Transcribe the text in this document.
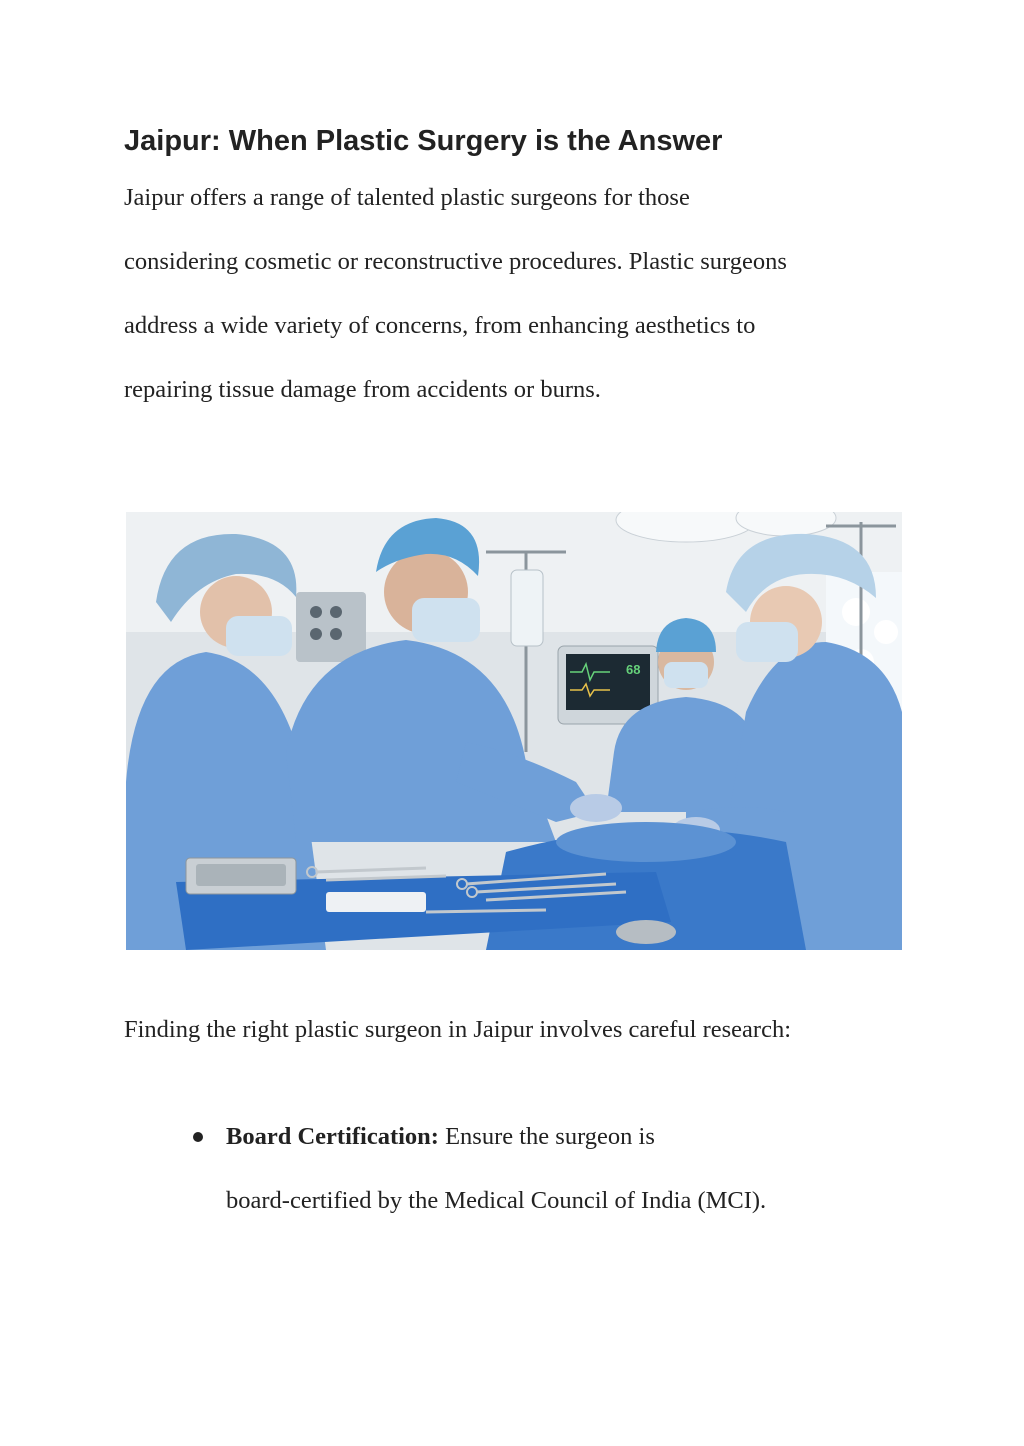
Jaipur: When Plastic Surgery is the Answer

Jaipur offers a range of talented plastic surgeons for those
considering cosmetic or reconstructive procedures. Plastic surgeons
address a wide variety of concerns, from enhancing aesthetics to
repairing tissue damage from accidents or burns.

68

Finding the right plastic surgeon in Jaipur involves careful research:

Board Certification: Ensure the surgeon is
board-certified by the Medical Council of India (MCI).
